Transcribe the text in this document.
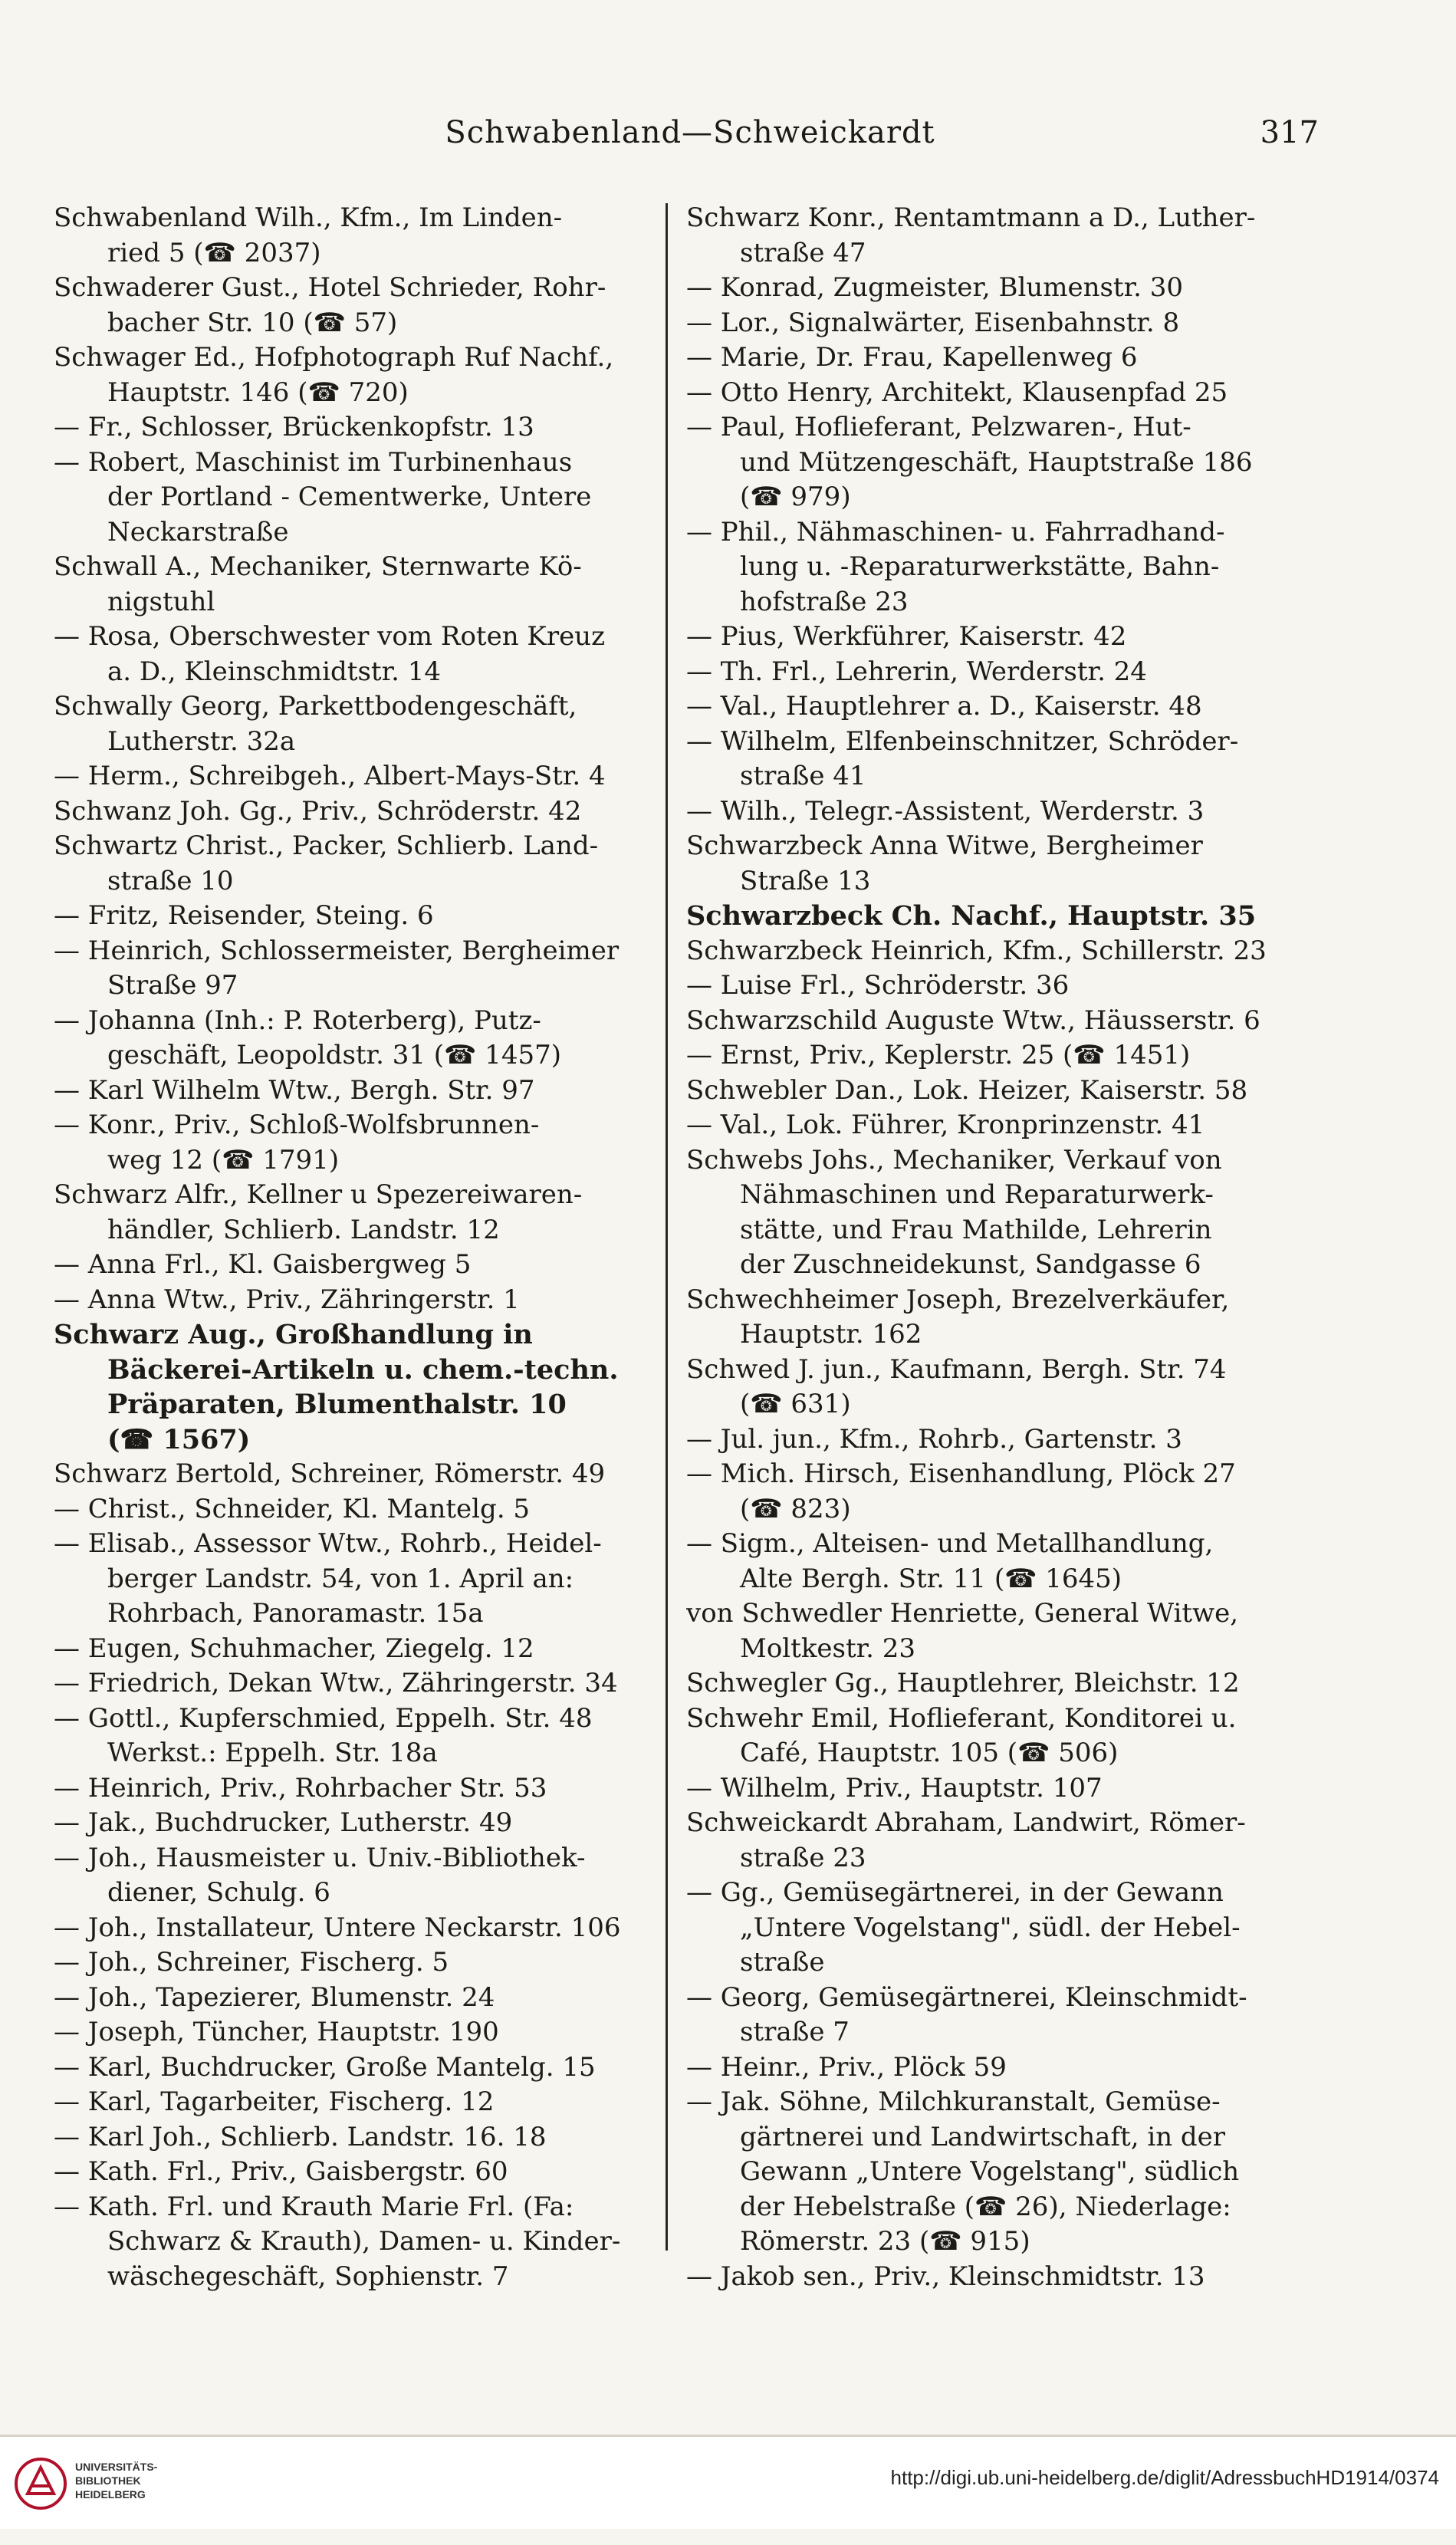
Schwabenland—Schweickardt	317
Schwabenland Wilh., Kfm., Im Linden-
ried 5 (☎ 2037)
Schwaderer Gust., Hotel Schrieder, Rohr-
bacher Str. 10 (☎ 57)
Schwager Ed., Hofphotograph Ruf Nachf.,
Hauptstr. 146 (☎ 720)
— Fr., Schlosser, Brückenkopfstr. 13
— Robert, Maschinist im Turbinenhaus
der Portland - Cementwerke, Untere
Neckarstraße
Schwall A., Mechaniker, Sternwarte Kö-
nigstuhl
— Rosa, Oberschwester vom Roten Kreuz
a. D., Kleinschmidtstr. 14
Schwally Georg, Parkettbodengeschäft,
Lutherstr. 32a
— Herm., Schreibgeh., Albert-Mays-Str. 4
Schwanz Joh. Gg., Priv., Schröderstr. 42
Schwartz Christ., Packer, Schlierb. Land-
straße 10
— Fritz, Reisender, Steing. 6
— Heinrich, Schlossermeister, Bergheimer
Straße 97
— Johanna (Inh.: P. Roterberg), Putz-
geschäft, Leopoldstr. 31 (☎ 1457)
— Karl Wilhelm Wtw., Bergh. Str. 97
— Konr., Priv., Schloß-Wolfsbrunnen-
weg 12 (☎ 1791)
Schwarz Alfr., Kellner u Spezereiwaren-
händler, Schlierb. Landstr. 12
— Anna Frl., Kl. Gaisbergweg 5
— Anna Wtw., Priv., Zähringerstr. 1
Schwarz Aug., Großhandlung in
Bäckerei-Artikeln u. chem.-techn.
Präparaten, Blumenthalstr. 10
(☎ 1567)
Schwarz Bertold, Schreiner, Römerstr. 49
— Christ., Schneider, Kl. Mantelg. 5
— Elisab., Assessor Wtw., Rohrb., Heidel-
berger Landstr. 54, von 1. April an:
Rohrbach, Panoramastr. 15a
— Eugen, Schuhmacher, Ziegelg. 12
— Friedrich, Dekan Wtw., Zähringerstr. 34
— Gottl., Kupferschmied, Eppelh. Str. 48
Werkst.: Eppelh. Str. 18a
— Heinrich, Priv., Rohrbacher Str. 53
— Jak., Buchdrucker, Lutherstr. 49
— Joh., Hausmeister u. Univ.-Bibliothek-
diener, Schulg. 6
— Joh., Installateur, Untere Neckarstr. 106
— Joh., Schreiner, Fischerg. 5
— Joh., Tapezierer, Blumenstr. 24
— Joseph, Tüncher, Hauptstr. 190
— Karl, Buchdrucker, Große Mantelg. 15
— Karl, Tagarbeiter, Fischerg. 12
— Karl Joh., Schlierb. Landstr. 16. 18
— Kath. Frl., Priv., Gaisbergstr. 60
— Kath. Frl. und Krauth Marie Frl. (Fa:
Schwarz & Krauth), Damen- u. Kinder-
wäschegeschäft, Sophienstr. 7
Schwarz Konr., Rentamtmann a D., Luther-
straße 47
— Konrad, Zugmeister, Blumenstr. 30
— Lor., Signalwärter, Eisenbahnstr. 8
— Marie, Dr. Frau, Kapellenweg 6
— Otto Henry, Architekt, Klausenpfad 25
— Paul, Hoflieferant, Pelzwaren-, Hut-
und Mützengeschäft, Hauptstraße 186
(☎ 979)
— Phil., Nähmaschinen- u. Fahrradhand-
lung u. -Reparaturwerkstätte, Bahn-
hofstraße 23
— Pius, Werkführer, Kaiserstr. 42
— Th. Frl., Lehrerin, Werderstr. 24
— Val., Hauptlehrer a. D., Kaiserstr. 48
— Wilhelm, Elfenbeinschnitzer, Schröder-
straße 41
— Wilh., Telegr.-Assistent, Werderstr. 3
Schwarzbeck Anna Witwe, Bergheimer
Straße 13
Schwarzbeck Ch. Nachf., Hauptstr. 35
Schwarzbeck Heinrich, Kfm., Schillerstr. 23
— Luise Frl., Schröderstr. 36
Schwarzschild Auguste Wtw., Häusserstr. 6
— Ernst, Priv., Keplerstr. 25 (☎ 1451)
Schwebler Dan., Lok. Heizer, Kaiserstr. 58
— Val., Lok. Führer, Kronprinzenstr. 41
Schwebs Johs., Mechaniker, Verkauf von
Nähmaschinen und Reparaturwerk-
stätte, und Frau Mathilde, Lehrerin
der Zuschneidekunst, Sandgasse 6
Schwechheimer Joseph, Brezelverkäufer,
Hauptstr. 162
Schwed J. jun., Kaufmann, Bergh. Str. 74
(☎ 631)
— Jul. jun., Kfm., Rohrb., Gartenstr. 3
— Mich. Hirsch, Eisenhandlung, Plöck 27
(☎ 823)
— Sigm., Alteisen- und Metallhandlung,
Alte Bergh. Str. 11 (☎ 1645)
von Schwedler Henriette, General Witwe,
Moltkestr. 23
Schwegler Gg., Hauptlehrer, Bleichstr. 12
Schwehr Emil, Hoflieferant, Konditorei u.
Café, Hauptstr. 105 (☎ 506)
— Wilhelm, Priv., Hauptstr. 107
Schweickardt Abraham, Landwirt, Römer-
straße 23
— Gg., Gemüsegärtnerei, in der Gewann
„Untere Vogelstang", südl. der Hebel-
straße
— Georg, Gemüsegärtnerei, Kleinschmidt-
straße 7
— Heinr., Priv., Plöck 59
— Jak. Söhne, Milchkuranstalt, Gemüse-
gärtnerei und Landwirtschaft, in der
Gewann „Untere Vogelstang", südlich
der Hebelstraße (☎ 26), Niederlage:
Römerstr. 23 (☎ 915)
— Jakob sen., Priv., Kleinschmidtstr. 13
UNIVERSITÄTS-
BIBLIOTHEK
HEIDELBERG
http://digi.ub.uni-heidelberg.de/diglit/AdressbuchHD1914/0374
